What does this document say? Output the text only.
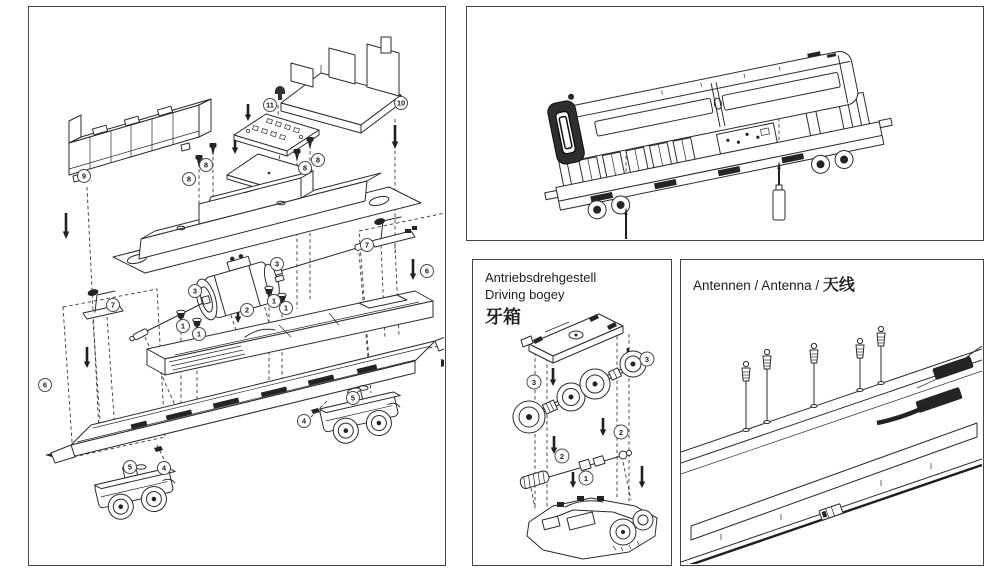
9
11	10
8
8	8
8
3
3
2
1
1
1
1
7
7
6
6
5
5
4
4
Antriebsdrehgestell
Driving bogey
牙箱
3
3
2
2
1
Antennen / Antenna / 天线
